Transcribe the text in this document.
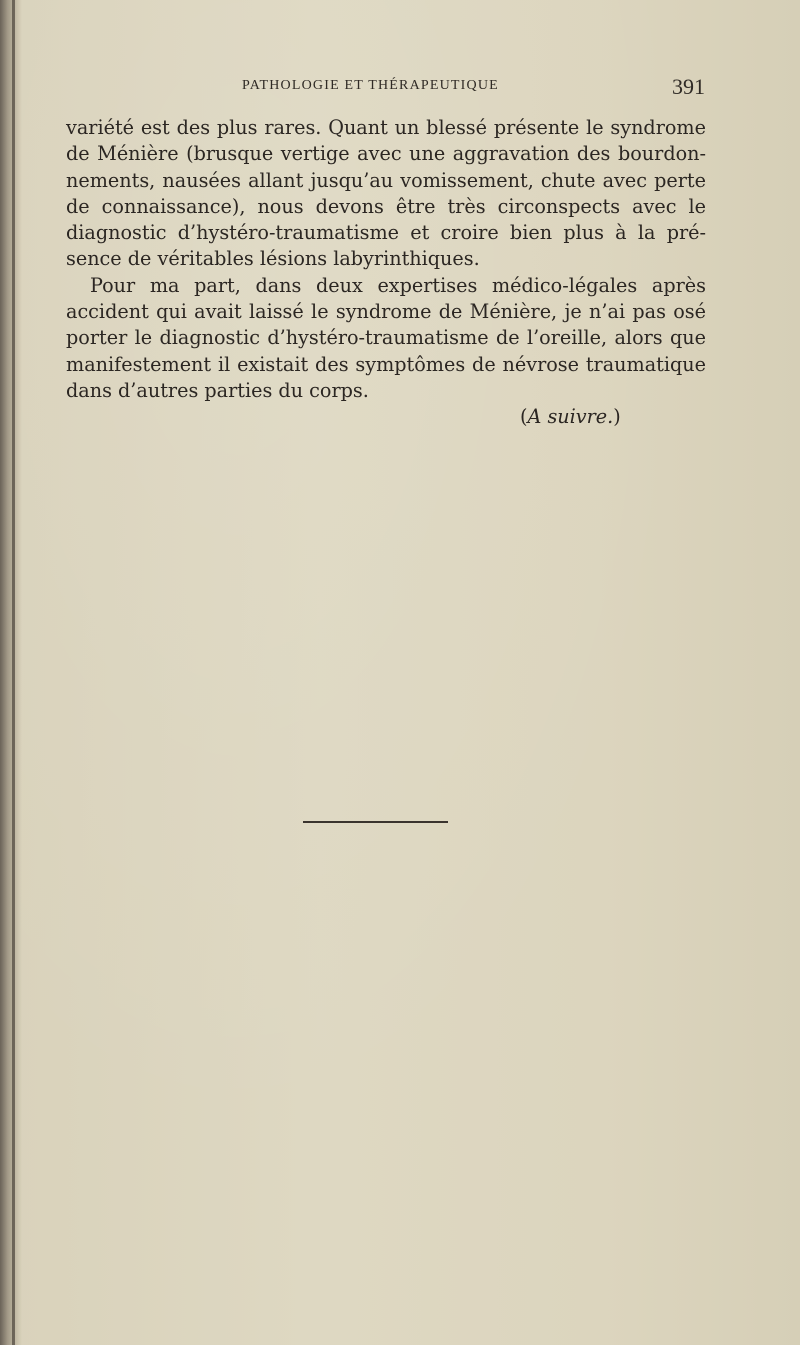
PATHOLOGIE ET THÉRAPEUTIQUE	391
variété est des plus rares. Quant un blessé présente le syndrome
de Ménière (brusque vertige avec une aggravation des bourdon-
nements, nausées allant jusqu’au vomissement, chute avec perte
de connaissance), nous devons être très circonspects avec le
diagnostic d’hystéro-traumatisme et croire bien plus à la pré-
sence de véritables lésions labyrinthiques.
Pour ma part, dans deux expertises médico-légales après
accident qui avait laissé le syndrome de Ménière, je n’ai pas osé
porter le diagnostic d’hystéro-traumatisme de l’oreille, alors que
manifestement il existait des symptômes de névrose traumatique
dans d’autres parties du corps.
(A suivre.)
